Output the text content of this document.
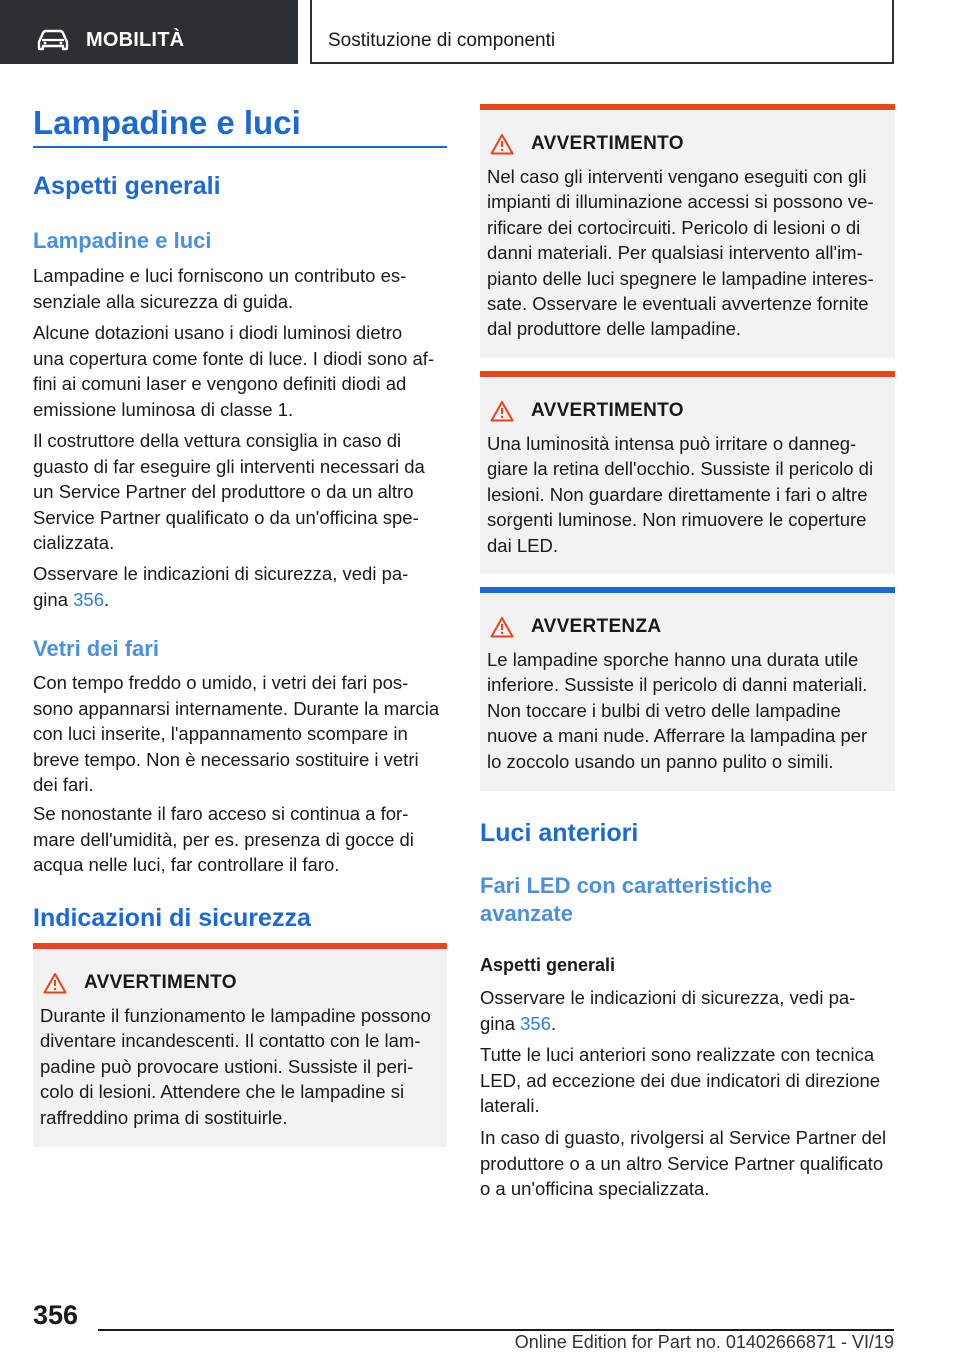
MOBILITÀ	Sostituzione di componenti
Lampadine e luci
Aspetti generali
Lampadine e luci

Lampadine e luci forniscono un contributo es-
senziale alla sicurezza di guida.

Alcune dotazioni usano i diodi luminosi dietro
una copertura come fonte di luce. I diodi sono af-
fini ai comuni laser e vengono definiti diodi ad
emissione luminosa di classe 1.

Il costruttore della vettura consiglia in caso di
guasto di far eseguire gli interventi necessari da
un Service Partner del produttore o da un altro
Service Partner qualificato o da un'officina spe-
cializzata.

Osservare le indicazioni di sicurezza, vedi pa-
gina 356.

Vetri dei fari

Con tempo freddo o umido, i vetri dei fari pos-
sono appannarsi internamente. Durante la marcia
con luci inserite, l'appannamento scompare in
breve tempo. Non è necessario sostituire i vetri
dei fari.

Se nonostante il faro acceso si continua a for-
mare dell'umidità, per es. presenza di gocce di
acqua nelle luci, far controllare il faro.

Indicazioni di sicurezza
AVVERTIMENTO

Durante il funzionamento le lampadine possono
diventare incandescenti. Il contatto con le lam-
padine può provocare ustioni. Sussiste il peri-
colo di lesioni. Attendere che le lampadine si
raffreddino prima di sostituirle.

AVVERTIMENTO

Nel caso gli interventi vengano eseguiti con gli
impianti di illuminazione accessi si possono ve-
rificare dei cortocircuiti. Pericolo di lesioni o di
danni materiali. Per qualsiasi intervento all'im-
pianto delle luci spegnere le lampadine interes-
sate. Osservare le eventuali avvertenze fornite
dal produttore delle lampadine.

AVVERTIMENTO

Una luminosità intensa può irritare o danneg-
giare la retina dell'occhio. Sussiste il pericolo di
lesioni. Non guardare direttamente i fari o altre
sorgenti luminose. Non rimuovere le coperture
dai LED.

AVVERTENZA

Le lampadine sporche hanno una durata utile
inferiore. Sussiste il pericolo di danni materiali.
Non toccare i bulbi di vetro delle lampadine
nuove a mani nude. Afferrare la lampadina per
lo zoccolo usando un panno pulito o simili.

Luci anteriori
Fari LED con caratteristiche
avanzate
Aspetti generali

Osservare le indicazioni di sicurezza, vedi pa-
gina 356.

Tutte le luci anteriori sono realizzate con tecnica
LED, ad eccezione dei due indicatori di direzione
laterali.

In caso di guasto, rivolgersi al Service Partner del
produttore o a un altro Service Partner qualificato
o a un'officina specializzata.

356
Online Edition for Part no. 01402666871 - VI/19
